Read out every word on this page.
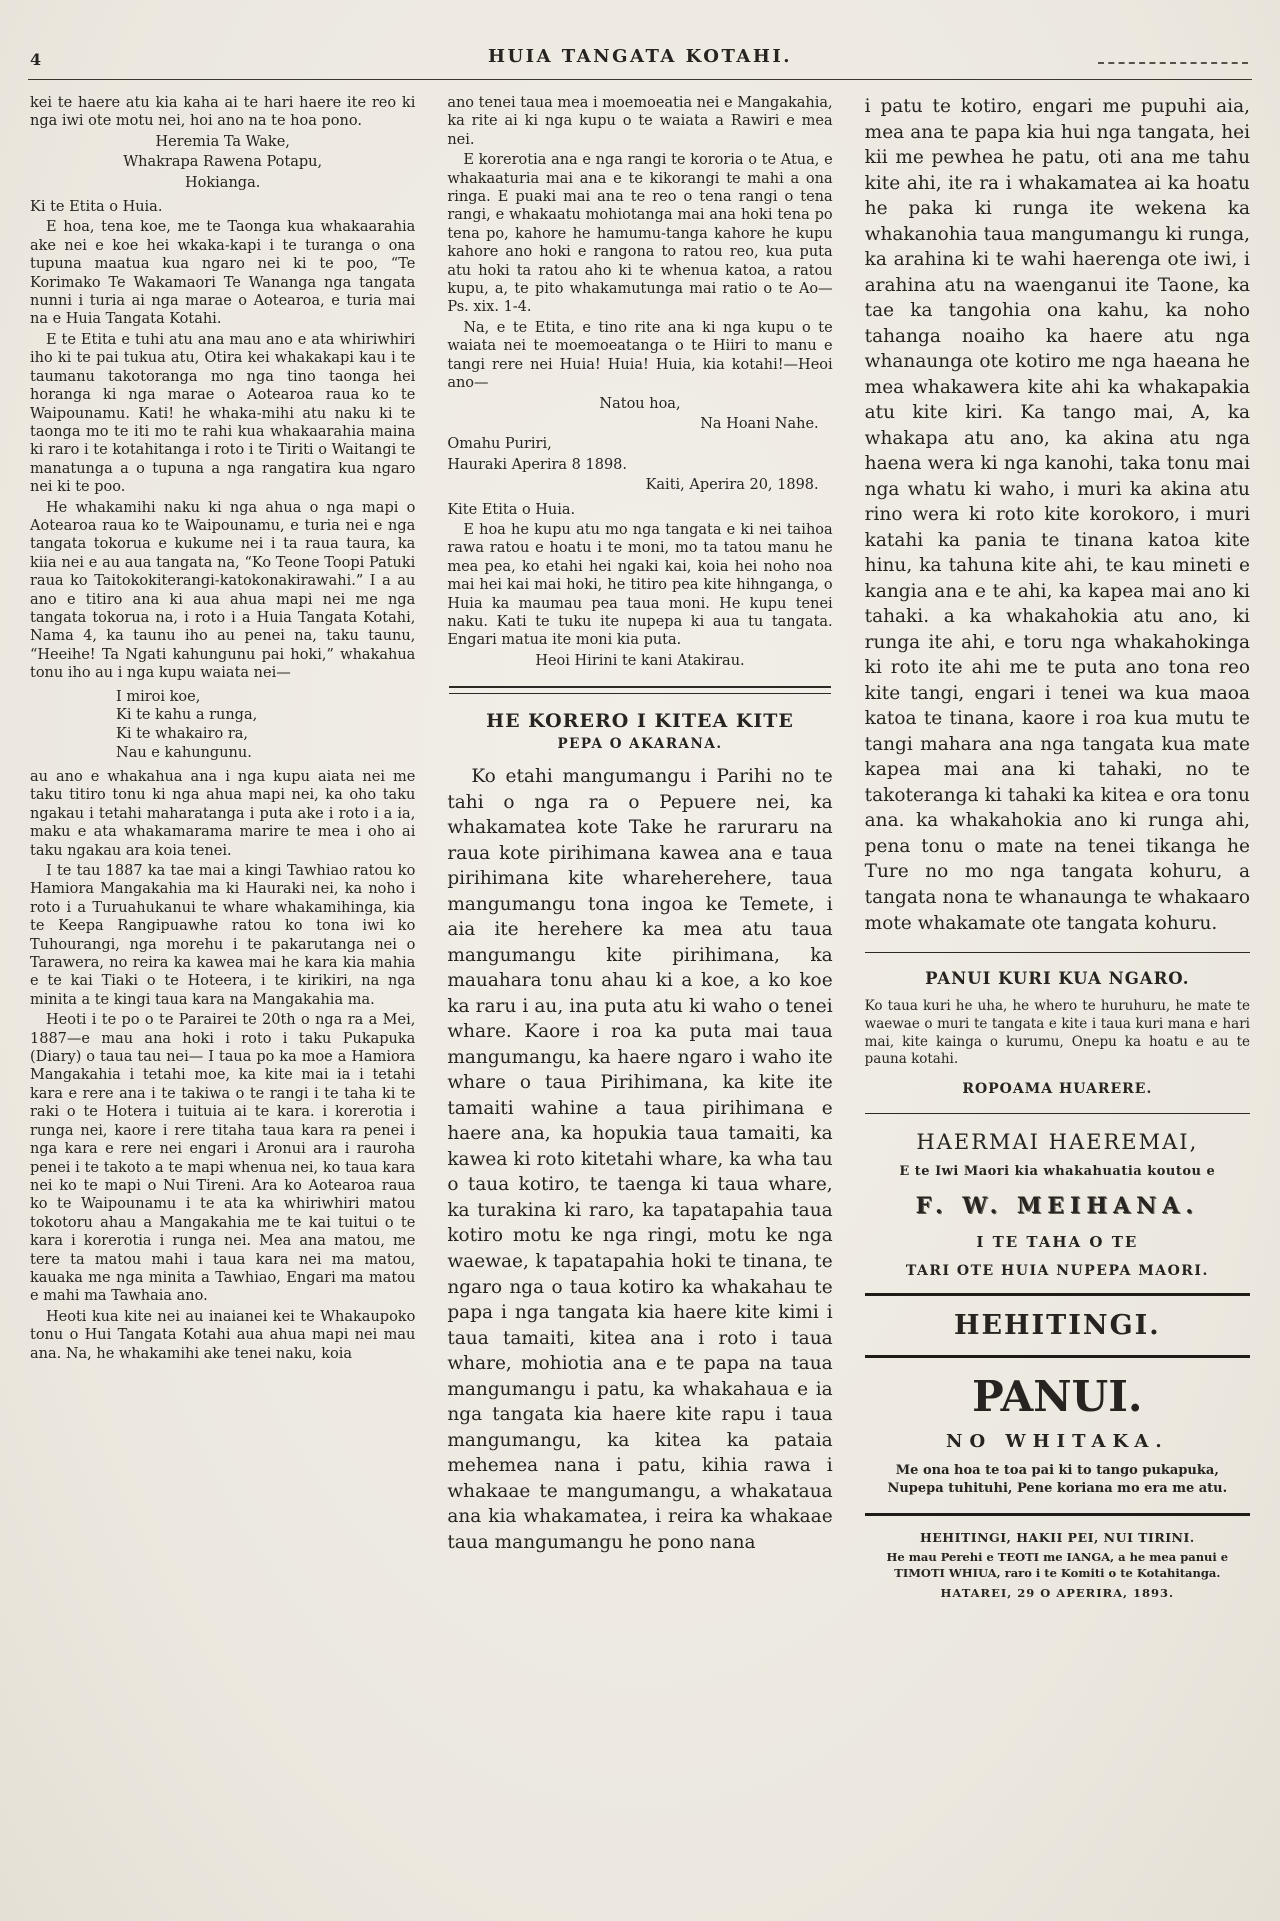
4	HUIA TANGATA KOTAHI.

kei te haere atu kia kaha ai te hari haere ite reo ki nga iwi ote motu nei, hoi ano na te hoa pono.

Heremia Ta Wake,

Whakrapa Rawena Potapu,

Hokianga.

Ki te Etita o Huia.

E hoa, tena koe, me te Taonga kua whakaarahia ake nei e koe hei wkaka-kapi i te turanga o ona tupuna maatua kua ngaro nei ki te poo, “Te Korimako Te Wakamaori Te Wananga nga tangata nunni i turia ai nga marae o Aotearoa, e turia mai na e Huia Tangata Kotahi.

E te Etita e tuhi atu ana mau ano e ata whiriwhiri iho ki te pai tukua atu, Otira kei whakakapi kau i te taumanu takotoranga mo nga tino taonga hei horanga ki nga marae o Aotearoa raua ko te Waipounamu. Kati! he whaka-mihi atu naku ki te taonga mo te iti mo te rahi kua whakaarahia maina ki raro i te kotahitanga i roto i te Tiriti o Waitangi te manatunga a o tupuna a nga rangatira kua ngaro nei ki te poo.

He whakamihi naku ki nga ahua o nga mapi o Aotearoa raua ko te Waipounamu, e turia nei e nga tangata tokorua e kukume nei i ta raua taura, ka kiia nei e au aua tangata na, “Ko Teone Toopi Patuki raua ko Taitokokiterangi-katokonakirawahi.” I a au ano e titiro ana ki aua ahua mapi nei me nga tangata tokorua na, i roto i a Huia Tangata Kotahi, Nama 4, ka taunu iho au penei na, taku taunu, “Heeihe! Ta Ngati kahungunu pai hoki,” whakahua tonu iho au i nga kupu waiata nei—

I miroi koe,
Ki te kahu a runga,
Ki te whakairo ra,
Nau e kahungunu.

au ano e whakahua ana i nga kupu aiata nei me taku titiro tonu ki nga ahua mapi nei, ka oho taku ngakau i tetahi maharatanga i puta ake i roto i a ia, maku e ata whakamarama marire te mea i oho ai taku ngakau ara koia tenei.

I te tau 1887 ka tae mai a kingi Tawhiao ratou ko Hamiora Mangakahia ma ki Hauraki nei, ka noho i roto i a Turuahukanui te whare whakamihinga, kia te Keepa Rangipuawhe ratou ko tona iwi ko Tuhourangi, nga morehu i te pakarutanga nei o Tarawera, no reira ka kawea mai he kara kia mahia e te kai Tiaki o te Hoteera, i te kirikiri, na nga minita a te kingi taua kara na Mangakahia ma.

Heoti i te po o te Parairei te 20th o nga ra a Mei, 1887—e mau ana hoki i roto i taku Pukapuka (Diary) o taua tau nei— I taua po ka moe a Hamiora Mangakahia i tetahi moe, ka kite mai ia i tetahi kara e rere ana i te takiwa o te rangi i te taha ki te raki o te Hotera i tuituia ai te kara. i korerotia i runga nei, kaore i rere titaha taua kara ra penei i nga kara e rere nei engari i Aronui ara i rauroha penei i te takoto a te mapi whenua nei, ko taua kara nei ko te mapi o Nui Tireni. Ara ko Aotearoa raua ko te Waipounamu i te ata ka whiriwhiri matou tokotoru ahau a Mangakahia me te kai tuitui o te kara i korerotia i runga nei. Mea ana matou, me tere ta matou mahi i taua kara nei ma matou, kauaka me nga minita a Tawhiao, Engari ma matou e mahi ma Tawhaia ano.

Heoti kua kite nei au inaianei kei te Whakaupoko tonu o Hui Tangata Kotahi aua ahua mapi nei mau ana. Na, he whakamihi ake tenei naku, koia

ano tenei taua mea i moemoeatia nei e Mangakahia, ka rite ai ki nga kupu o te waiata a Rawiri e mea nei.

E korerotia ana e nga rangi te kororia o te Atua, e whakaaturia mai ana e te kikorangi te mahi a ona ringa. E puaki mai ana te reo o tena rangi o tena rangi, e whakaatu mohiotanga mai ana hoki tena po tena po, kahore he hamumu-tanga kahore he kupu kahore ano hoki e rangona to ratou reo, kua puta atu hoki ta ratou aho ki te whenua katoa, a ratou kupu, a, te pito whakamutunga mai ratio o te Ao—Ps. xix. 1-4.

Na, e te Etita, e tino rite ana ki nga kupu o te waiata nei te moemoeatanga o te Hiiri to manu e tangi rere nei Huia! Huia! Huia, kia kotahi!—Heoi ano—

Natou hoa,

Na Hoani Nahe.

Omahu Puriri,

Hauraki Aperira 8 1898.

Kaiti, Aperira 20, 1898.

Kite Etita o Huia.

E hoa he kupu atu mo nga tangata e ki nei taihoa rawa ratou e hoatu i te moni, mo ta tatou manu he mea pea, ko etahi hei ngaki kai, koia hei noho noa mai hei kai mai hoki, he titiro pea kite hihnganga, o Huia ka maumau pea taua moni. He kupu tenei naku. Kati te tuku ite nupepa ki aua tu tangata. Engari matua ite moni kia puta.

Heoi Hirini te kani Atakirau.

HE KORERO I KITEA KITE
PEPA O AKARANA.

Ko etahi mangumangu i Parihi no te tahi o nga ra o Pepuere nei, ka whakamatea kote Take he raruraru na raua kote pirihimana kawea ana e taua pirihimana kite whareherehere, taua mangumangu tona ingoa ke Temete, i aia ite herehere ka mea atu taua mangumangu kite pirihimana, ka mauahara tonu ahau ki a koe, a ko koe ka raru i au, ina puta atu ki waho o tenei whare. Kaore i roa ka puta mai taua mangumangu, ka haere ngaro i waho ite whare o taua Pirihimana, ka kite ite tamaiti wahine a taua pirihimana e haere ana, ka hopukia taua tamaiti, ka kawea ki roto kitetahi whare, ka wha tau o taua kotiro, te taenga ki taua whare, ka turakina ki raro, ka tapatapahia taua kotiro motu ke nga ringi, motu ke nga waewae, k tapatapahia hoki te tinana, te ngaro nga o taua kotiro ka whakahau te papa i nga tangata kia haere kite kimi i taua tamaiti, kitea ana i roto i taua whare, mohiotia ana e te papa na taua mangumangu i patu, ka whakahaua e ia nga tangata kia haere kite rapu i taua mangumangu, ka kitea ka pataia mehemea nana i patu, kihia rawa i whakaae te mangumangu, a whakataua ana kia whakamatea, i reira ka whakaae taua mangumangu he pono nana

i patu te kotiro, engari me pupuhi aia, mea ana te papa kia hui nga tangata, hei kii me pewhea he patu, oti ana me tahu kite ahi, ite ra i whakamatea ai ka hoatu he paka ki runga ite wekena ka whakanohia taua mangumangu ki runga, ka arahina ki te wahi haerenga ote iwi, i arahina atu na waenganui ite Taone, ka tae ka tangohia ona kahu, ka noho tahanga noaiho ka haere atu nga whanaunga ote kotiro me nga haeana he mea whakawera kite ahi ka whakapakia atu kite kiri. Ka tango mai, A, ka whakapa atu ano, ka akina atu nga haena wera ki nga kanohi, taka tonu mai nga whatu ki waho, i muri ka akina atu rino wera ki roto kite korokoro, i muri katahi ka pania te tinana katoa kite hinu, ka tahuna kite ahi, te kau mineti e kangia ana e te ahi, ka kapea mai ano ki tahaki. a ka whakahokia atu ano, ki runga ite ahi, e toru nga whakahokinga ki roto ite ahi me te puta ano tona reo kite tangi, engari i tenei wa kua maoa katoa te tinana, kaore i roa kua mutu te tangi mahara ana nga tangata kua mate kapea mai ana ki tahaki, no te takoteranga ki tahaki ka kitea e ora tonu ana. ka whakahokia ano ki runga ahi, pena tonu o mate na tenei tikanga he Ture no mo nga tangata kohuru, a tangata nona te whanaunga te whakaaro mote whakamate ote tangata kohuru.

PANUI KURI KUA NGARO.
Ko taua kuri he uha, he whero te huruhuru, he mate te waewae o muri te tangata e kite i taua kuri mana e hari mai, kite kainga o kurumu, Onepu ka hoatu e au te pauna kotahi.
ROPOAMA HUARERE.
HAERMAI HAEREMAI,
E te Iwi Maori kia whakahuatia koutou e
F. W. MEIHANA.
I TE TAHA O TE
TARI OTE HUIA NUPEPA MAORI.
HEHITINGI.
PANUI.
NO WHITAKA.
Me ona hoa te toa pai ki to tango pukapuka, Nupepa tuhituhi, Pene koriana mo era me atu.
HEHITINGI, HAKII PEI, NUI TIRINI.
He mau Perehi e TEOTI me IANGA, a he mea panui e TIMOTI WHIUA, raro i te Komiti o te Kotahitanga.
HATAREI, 29 O APERIRA, 1893.
